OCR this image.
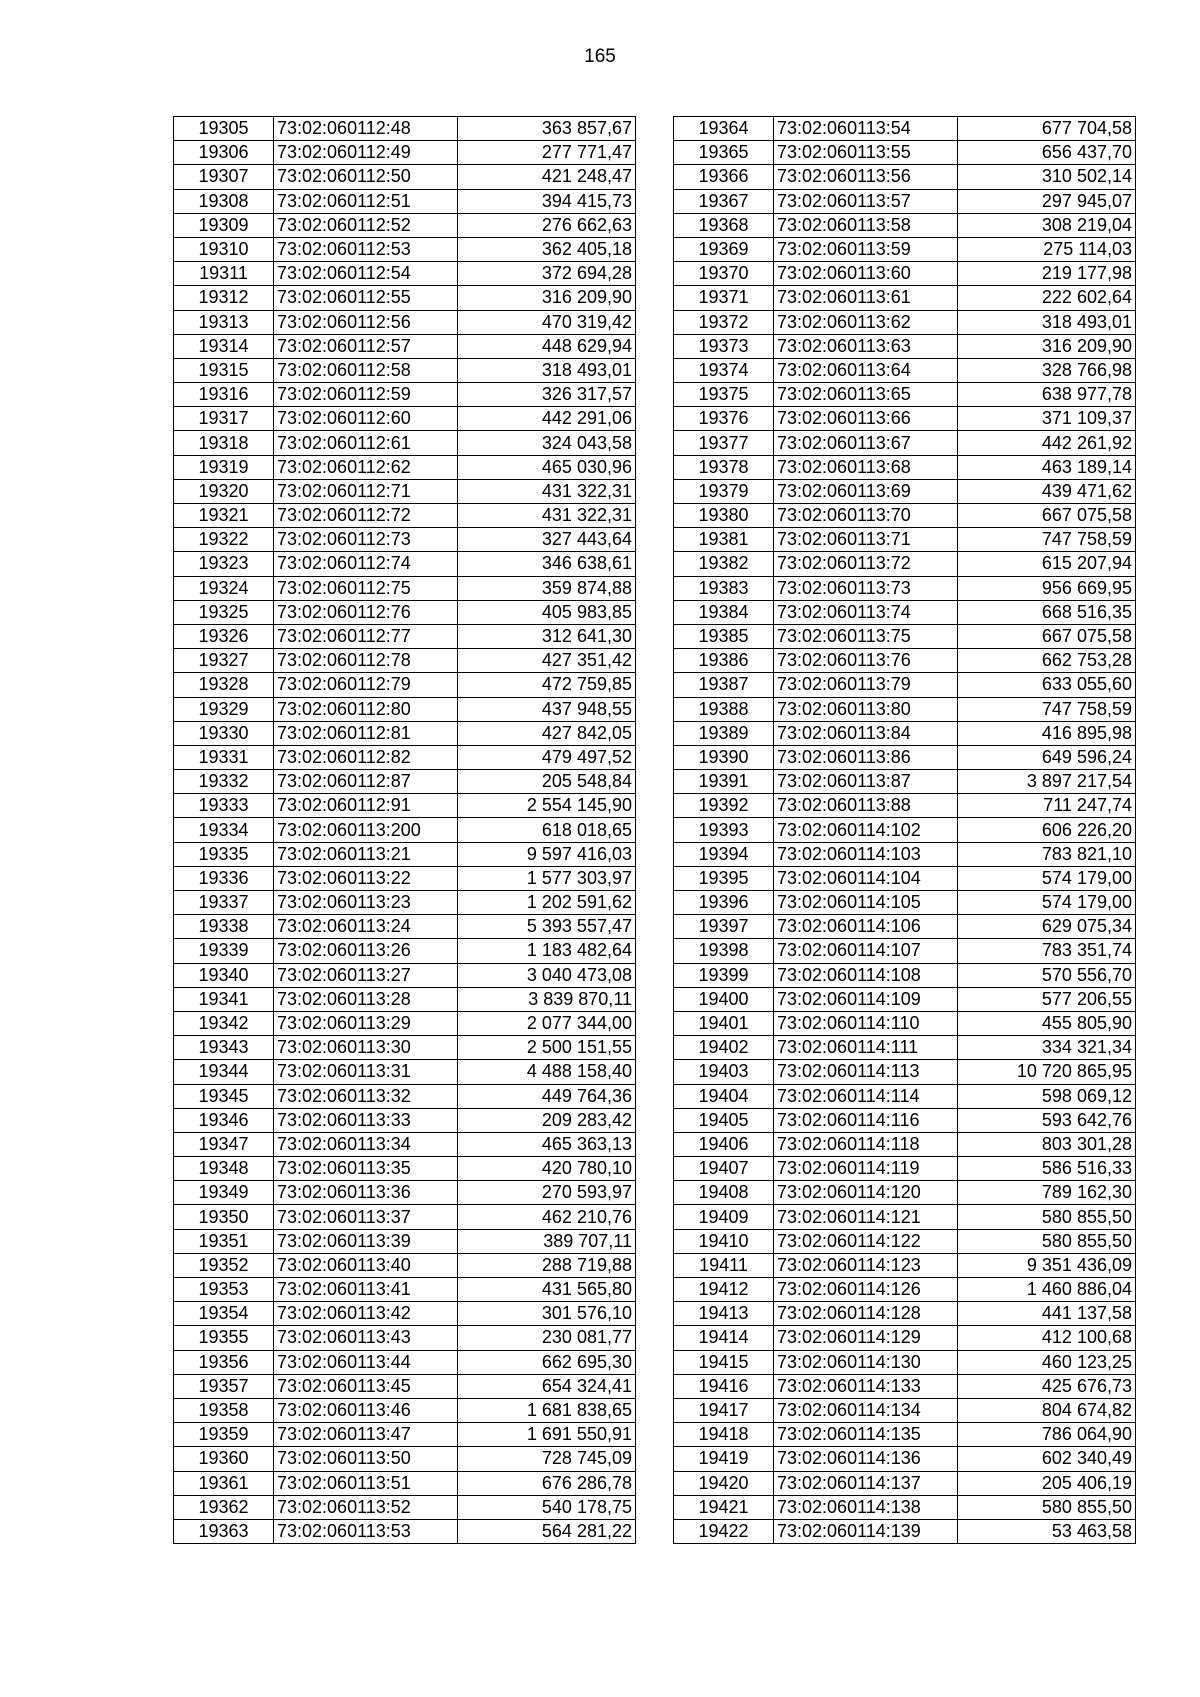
165
19305	73:02:060112:48	363 857,67
19306	73:02:060112:49	277 771,47
19307	73:02:060112:50	421 248,47
19308	73:02:060112:51	394 415,73
19309	73:02:060112:52	276 662,63
19310	73:02:060112:53	362 405,18
19311	73:02:060112:54	372 694,28
19312	73:02:060112:55	316 209,90
19313	73:02:060112:56	470 319,42
19314	73:02:060112:57	448 629,94
19315	73:02:060112:58	318 493,01
19316	73:02:060112:59	326 317,57
19317	73:02:060112:60	442 291,06
19318	73:02:060112:61	324 043,58
19319	73:02:060112:62	465 030,96
19320	73:02:060112:71	431 322,31
19321	73:02:060112:72	431 322,31
19322	73:02:060112:73	327 443,64
19323	73:02:060112:74	346 638,61
19324	73:02:060112:75	359 874,88
19325	73:02:060112:76	405 983,85
19326	73:02:060112:77	312 641,30
19327	73:02:060112:78	427 351,42
19328	73:02:060112:79	472 759,85
19329	73:02:060112:80	437 948,55
19330	73:02:060112:81	427 842,05
19331	73:02:060112:82	479 497,52
19332	73:02:060112:87	205 548,84
19333	73:02:060112:91	2 554 145,90
19334	73:02:060113:200	618 018,65
19335	73:02:060113:21	9 597 416,03
19336	73:02:060113:22	1 577 303,97
19337	73:02:060113:23	1 202 591,62
19338	73:02:060113:24	5 393 557,47
19339	73:02:060113:26	1 183 482,64
19340	73:02:060113:27	3 040 473,08
19341	73:02:060113:28	3 839 870,11
19342	73:02:060113:29	2 077 344,00
19343	73:02:060113:30	2 500 151,55
19344	73:02:060113:31	4 488 158,40
19345	73:02:060113:32	449 764,36
19346	73:02:060113:33	209 283,42
19347	73:02:060113:34	465 363,13
19348	73:02:060113:35	420 780,10
19349	73:02:060113:36	270 593,97
19350	73:02:060113:37	462 210,76
19351	73:02:060113:39	389 707,11
19352	73:02:060113:40	288 719,88
19353	73:02:060113:41	431 565,80
19354	73:02:060113:42	301 576,10
19355	73:02:060113:43	230 081,77
19356	73:02:060113:44	662 695,30
19357	73:02:060113:45	654 324,41
19358	73:02:060113:46	1 681 838,65
19359	73:02:060113:47	1 691 550,91
19360	73:02:060113:50	728 745,09
19361	73:02:060113:51	676 286,78
19362	73:02:060113:52	540 178,75
19363	73:02:060113:53	564 281,22
19364	73:02:060113:54	677 704,58
19365	73:02:060113:55	656 437,70
19366	73:02:060113:56	310 502,14
19367	73:02:060113:57	297 945,07
19368	73:02:060113:58	308 219,04
19369	73:02:060113:59	275 114,03
19370	73:02:060113:60	219 177,98
19371	73:02:060113:61	222 602,64
19372	73:02:060113:62	318 493,01
19373	73:02:060113:63	316 209,90
19374	73:02:060113:64	328 766,98
19375	73:02:060113:65	638 977,78
19376	73:02:060113:66	371 109,37
19377	73:02:060113:67	442 261,92
19378	73:02:060113:68	463 189,14
19379	73:02:060113:69	439 471,62
19380	73:02:060113:70	667 075,58
19381	73:02:060113:71	747 758,59
19382	73:02:060113:72	615 207,94
19383	73:02:060113:73	956 669,95
19384	73:02:060113:74	668 516,35
19385	73:02:060113:75	667 075,58
19386	73:02:060113:76	662 753,28
19387	73:02:060113:79	633 055,60
19388	73:02:060113:80	747 758,59
19389	73:02:060113:84	416 895,98
19390	73:02:060113:86	649 596,24
19391	73:02:060113:87	3 897 217,54
19392	73:02:060113:88	711 247,74
19393	73:02:060114:102	606 226,20
19394	73:02:060114:103	783 821,10
19395	73:02:060114:104	574 179,00
19396	73:02:060114:105	574 179,00
19397	73:02:060114:106	629 075,34
19398	73:02:060114:107	783 351,74
19399	73:02:060114:108	570 556,70
19400	73:02:060114:109	577 206,55
19401	73:02:060114:110	455 805,90
19402	73:02:060114:111	334 321,34
19403	73:02:060114:113	10 720 865,95
19404	73:02:060114:114	598 069,12
19405	73:02:060114:116	593 642,76
19406	73:02:060114:118	803 301,28
19407	73:02:060114:119	586 516,33
19408	73:02:060114:120	789 162,30
19409	73:02:060114:121	580 855,50
19410	73:02:060114:122	580 855,50
19411	73:02:060114:123	9 351 436,09
19412	73:02:060114:126	1 460 886,04
19413	73:02:060114:128	441 137,58
19414	73:02:060114:129	412 100,68
19415	73:02:060114:130	460 123,25
19416	73:02:060114:133	425 676,73
19417	73:02:060114:134	804 674,82
19418	73:02:060114:135	786 064,90
19419	73:02:060114:136	602 340,49
19420	73:02:060114:137	205 406,19
19421	73:02:060114:138	580 855,50
19422	73:02:060114:139	53 463,58
